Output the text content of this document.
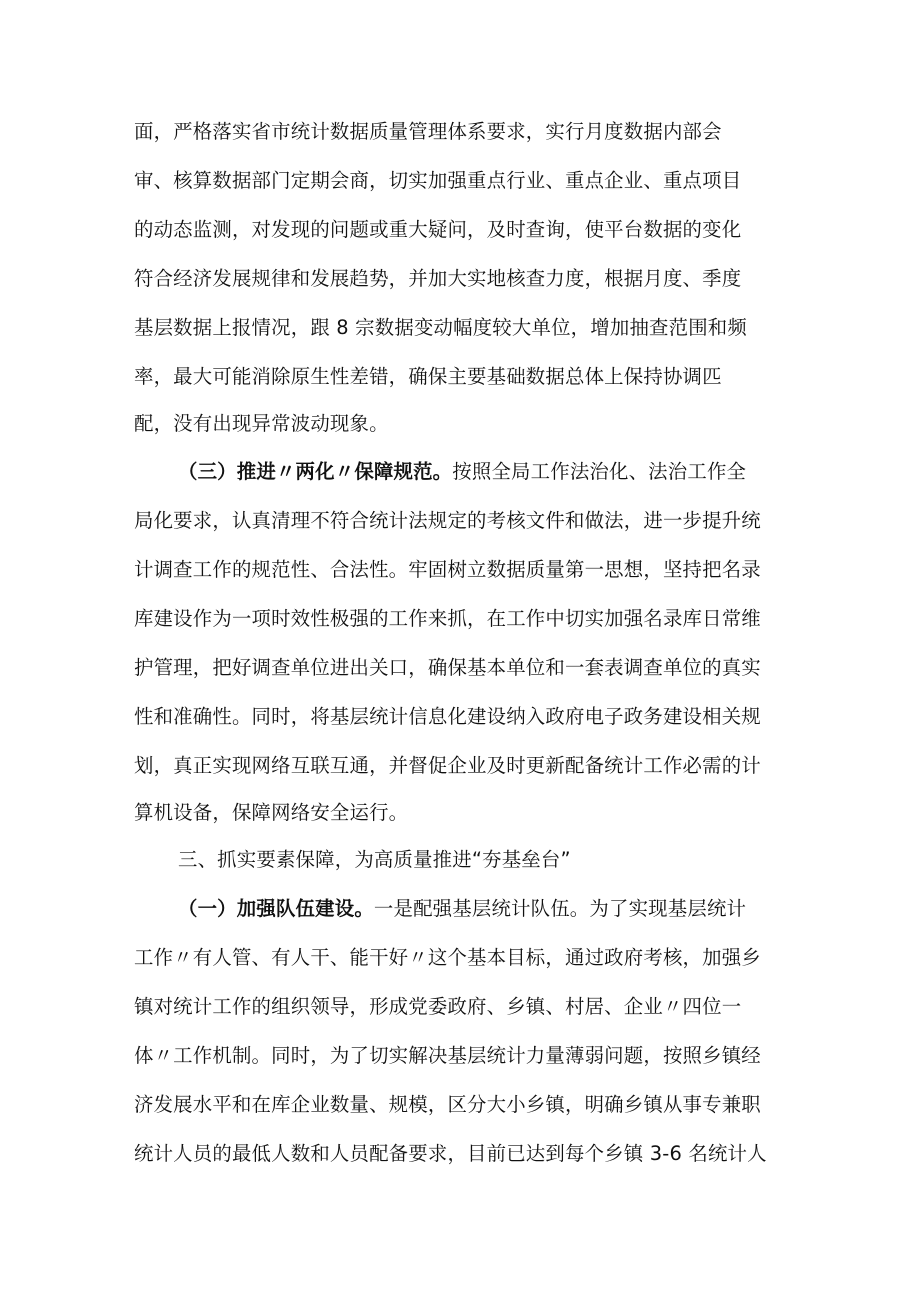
面，严格落实省市统计数据质量管理体系要求，实行月度数据内部会
审、核算数据部门定期会商，切实加强重点行业、重点企业、重点项目
的动态监测，对发现的问题或重大疑问，及时查询，使平台数据的变化
符合经济发展规律和发展趋势，并加大实地核查力度，根据月度、季度
基层数据上报情况，跟 8 宗数据变动幅度较大单位，增加抽查范围和频
率，最大可能消除原生性差错，确保主要基础数据总体上保持协调匹
配，没有出现异常波动现象。
（三）推进〃两化〃保障规范。按照全局工作法治化、法治工作全
局化要求，认真清理不符合统计法规定的考核文件和做法，进一步提升统
计调查工作的规范性、合法性。牢固树立数据质量第一思想，坚持把名录
库建设作为一项时效性极强的工作来抓，在工作中切实加强名录库日常维
护管理，把好调查单位进出关口，确保基本单位和一套表调查单位的真实
性和准确性。同时，将基层统计信息化建设纳入政府电子政务建设相关规
划，真正实现网络互联互通，并督促企业及时更新配备统计工作必需的计
算机设备，保障网络安全运行。
三、抓实要素保障，为高质量推进“夯基垒台”
（一）加强队伍建设。一是配强基层统计队伍。为了实现基层统计
工作〃有人管、有人干、能干好〃这个基本目标，通过政府考核，加强乡
镇对统计工作的组织领导，形成党委政府、乡镇、村居、企业〃四位一
体〃工作机制。同时，为了切实解决基层统计力量薄弱问题，按照乡镇经
济发展水平和在库企业数量、规模，区分大小乡镇，明确乡镇从事专兼职
统计人员的最低人数和人员配备要求，目前已达到每个乡镇 3-6 名统计人
